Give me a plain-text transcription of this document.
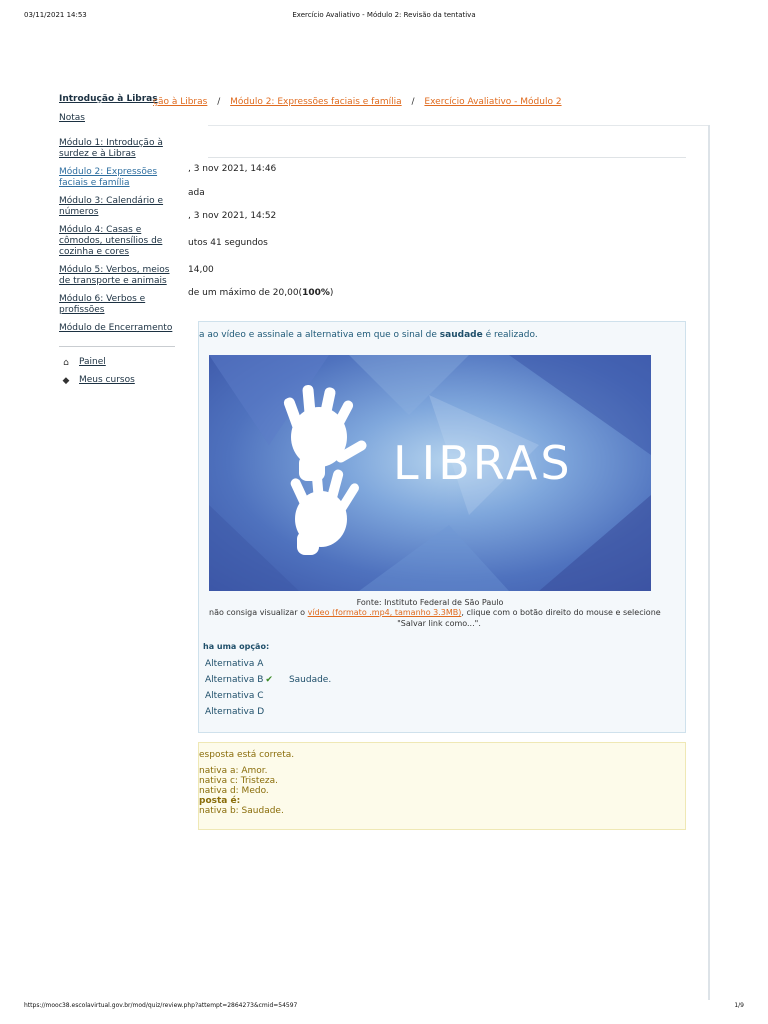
03/11/2021 14:53	Exercício Avaliativo - Módulo 2: Revisão da tentativa
Introdução à Libras
Notas
Módulo 1: Introdução à surdez e à Libras
Módulo 2: Expressões faciais e família
Módulo 3: Calendário e números
Módulo 4: Casas e cômodos, utensílios de cozinha e cores
Módulo 5: Verbos, meios de transporte e animais
Módulo 6: Verbos e profissões
Módulo de Encerramento
⌂	Painel
◆ Meus cursos
ção à Libras / Módulo 2: Expressões faciais e família / Exercício Avaliativo - Módulo 2
, 3 nov 2021, 14:46
ada
, 3 nov 2021, 14:52
utos 41 segundos
14,00
de um máximo de 20,00(100%)
a ao vídeo e assinale a alternativa em que o sinal de saudade é realizado.
LIBRAS
Fonte: Instituto Federal de São Paulo
não consiga visualizar o vídeo (formato .mp4, tamanho 3.3MB), clique com o botão direito do mouse e selecione
"Salvar link como...".
ha uma opção:
Alternativa A
Alternativa B ✔ Saudade.
Alternativa C
Alternativa D
esposta está correta.
nativa a: Amor.
nativa c: Tristeza.
nativa d: Medo.
posta é:
nativa b: Saudade.
https://mooc38.escolavirtual.gov.br/mod/quiz/review.php?attempt=2864273&cmid=54597	1/9
